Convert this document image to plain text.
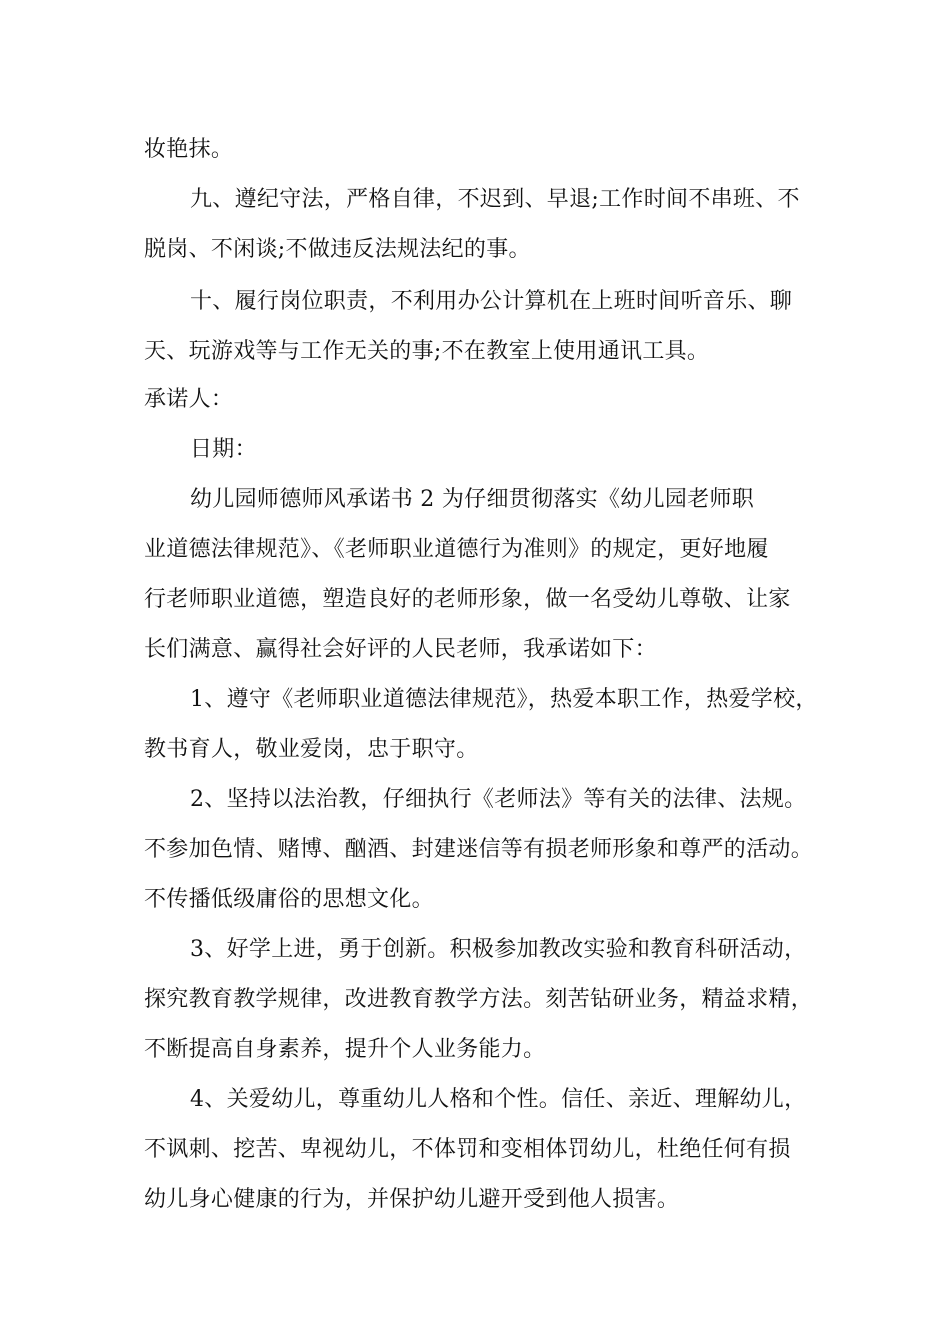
妆艳抹。
九、遵纪守法，严格自律，不迟到、早退;工作时间不串班、不
脱岗、不闲谈;不做违反法规法纪的事。
十、履行岗位职责，不利用办公计算机在上班时间听音乐、聊
天、玩游戏等与工作无关的事;不在教室上使用通讯工具。
承诺人：
日期：
幼儿园师德师风承诺书 2 为仔细贯彻落实《幼儿园老师职
业道德法律规范》、《老师职业道德行为准则》的规定，更好地履
行老师职业道德，塑造良好的老师形象，做一名受幼儿尊敬、让家
长们满意、赢得社会好评的人民老师，我承诺如下：
1、遵守《老师职业道德法律规范》，热爱本职工作，热爱学校，
教书育人，敬业爱岗，忠于职守。
2、坚持以法治教，仔细执行《老师法》等有关的法律、法规。
不参加色情、赌博、酗酒、封建迷信等有损老师形象和尊严的活动。
不传播低级庸俗的思想文化。
3、好学上进，勇于创新。积极参加教改实验和教育科研活动，
探究教育教学规律，改进教育教学方法。刻苦钻研业务，精益求精，
不断提高自身素养，提升个人业务能力。
4、关爱幼儿，尊重幼儿人格和个性。信任、亲近、理解幼儿，
不讽刺、挖苦、卑视幼儿，不体罚和变相体罚幼儿，杜绝任何有损
幼儿身心健康的行为，并保护幼儿避开受到他人损害。
